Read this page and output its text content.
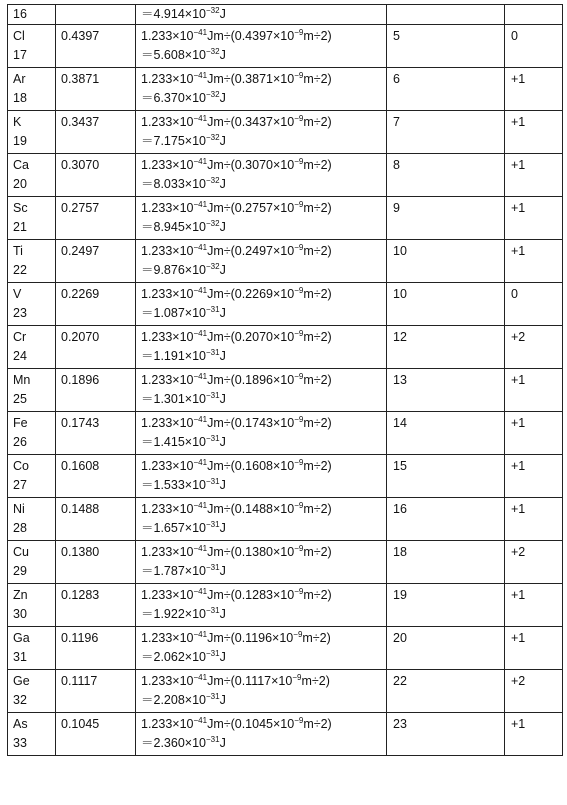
16		$=4.914\times 10^{-32}J$		

Cl
17	0.4397	$1.233\times 10^{-41}Jm\div(0.4397\times 10^{-9}m\div 2)$
$=5.608\times 10^{-32}J$	5	0

Ar
18	0.3871	$1.233\times 10^{-41}Jm\div(0.3871\times 10^{-9}m\div 2)$
$=6.370\times 10^{-32}J$	6	+1

K
19	0.3437	$1.233\times 10^{-41}Jm\div(0.3437\times 10^{-9}m\div 2)$
$=7.175\times 10^{-32}J$	7	+1

Ca
20	0.3070	$1.233\times 10^{-41}Jm\div(0.3070\times 10^{-9}m\div 2)$
$=8.033\times 10^{-32}J$	8	+1

Sc
21	0.2757	$1.233\times 10^{-41}Jm\div(0.2757\times 10^{-9}m\div 2)$
$=8.945\times 10^{-32}J$	9	+1

Ti
22	0.2497	$1.233\times 10^{-41}Jm\div(0.2497\times 10^{-9}m\div 2)$
$=9.876\times 10^{-32}J$	10	+1

V
23	0.2269	$1.233\times 10^{-41}Jm\div(0.2269\times 10^{-9}m\div 2)$
$=1.087\times 10^{-31}J$	10	0

Cr
24	0.2070	$1.233\times 10^{-41}Jm\div(0.2070\times 10^{-9}m\div 2)$
$=1.191\times 10^{-31}J$	12	+2

Mn
25	0.1896	$1.233\times 10^{-41}Jm\div(0.1896\times 10^{-9}m\div 2)$
$=1.301\times 10^{-31}J$	13	+1

Fe
26	0.1743	$1.233\times 10^{-41}Jm\div(0.1743\times 10^{-9}m\div 2)$
$=1.415\times 10^{-31}J$	14	+1

Co
27	0.1608	$1.233\times 10^{-41}Jm\div(0.1608\times 10^{-9}m\div 2)$
$=1.533\times 10^{-31}J$	15	+1

Ni
28	0.1488	$1.233\times 10^{-41}Jm\div(0.1488\times 10^{-9}m\div 2)$
$=1.657\times 10^{-31}J$	16	+1

Cu
29	0.1380	$1.233\times 10^{-41}Jm\div(0.1380\times 10^{-9}m\div 2)$
$=1.787\times 10^{-31}J$	18	+2

Zn
30	0.1283	$1.233\times 10^{-41}Jm\div(0.1283\times 10^{-9}m\div 2)$
$=1.922\times 10^{-31}J$	19	+1

Ga
31	0.1196	$1.233\times 10^{-41}Jm\div(0.1196\times 10^{-9}m\div 2)$
$=2.062\times 10^{-31}J$	20	+1

Ge
32	0.1117	$1.233\times 10^{-41}Jm\div(0.1117\times 10^{-9}m\div 2)$
$=2.208\times 10^{-31}J$	22	+2

As
33	0.1045	$1.233\times 10^{-41}Jm\div(0.1045\times 10^{-9}m\div 2)$
$=2.360\times 10^{-31}J$	23	+1
